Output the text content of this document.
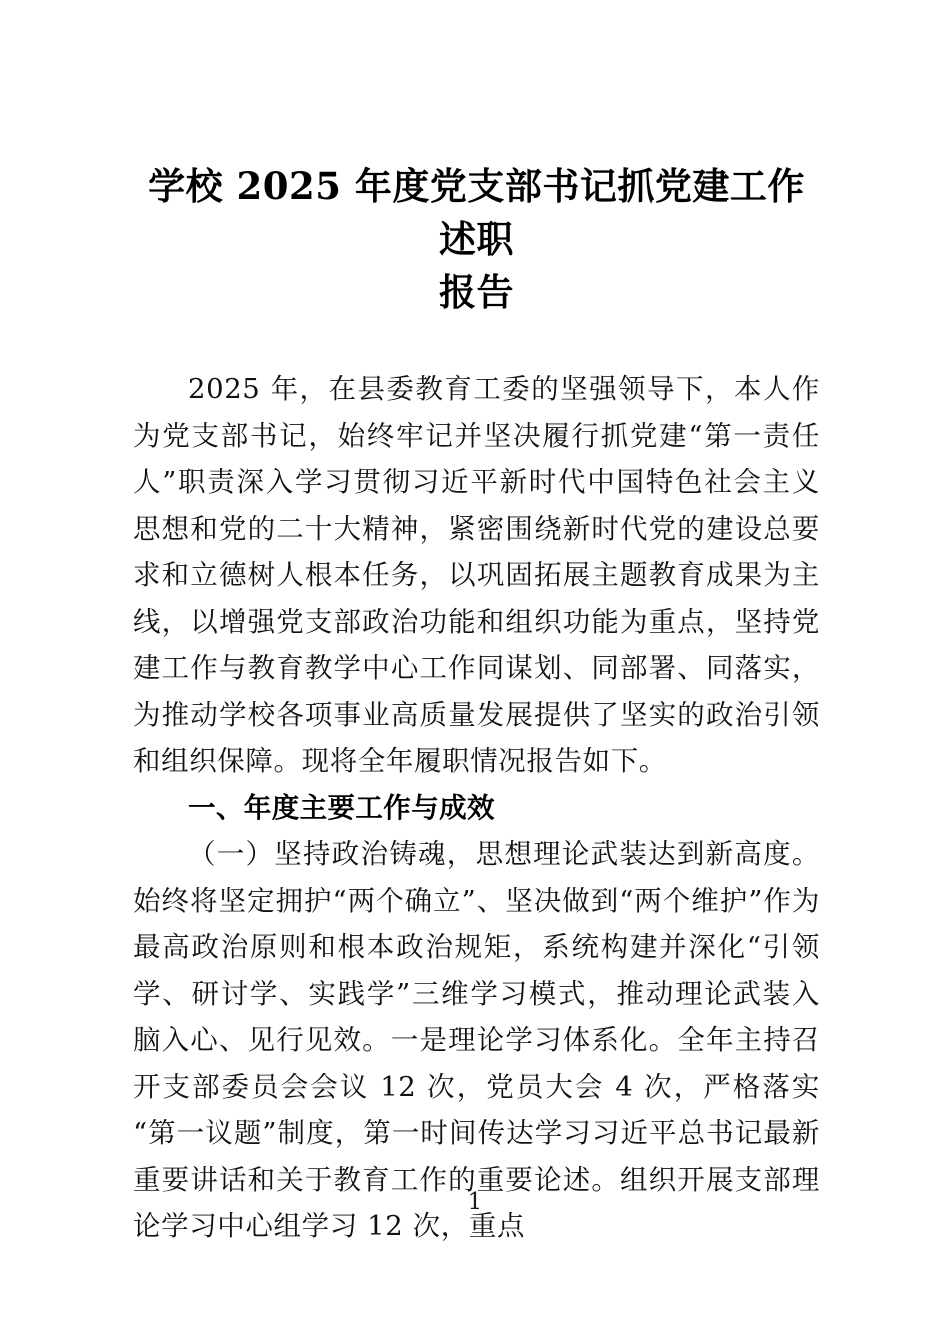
学校 2025 年度党支部书记抓党建工作述职
报告

2025 年，在县委教育工委的坚强领导下，本人作为党支部书记，始终牢记并坚决履行抓党建“第一责任人”职责深入学习贯彻习近平新时代中国特色社会主义思想和党的二十大精神，紧密围绕新时代党的建设总要求和立德树人根本任务，以巩固拓展主题教育成果为主线，以增强党支部政治功能和组织功能为重点，坚持党建工作与教育教学中心工作同谋划、同部署、同落实，为推动学校各项事业高质量发展提供了坚实的政治引领和组织保障。现将全年履职情况报告如下。

一、年度主要工作与成效

（一）坚持政治铸魂，思想理论武装达到新高度。始终将坚定拥护“两个确立”、坚决做到“两个维护”作为最高政治原则和根本政治规矩，系统构建并深化“引领学、研讨学、实践学”三维学习模式，推动理论武装入脑入心、见行见效。一是理论学习体系化。全年主持召开支部委员会会议 12 次，党员大会 4 次，严格落实“第一议题”制度，第一时间传达学习习近平总书记最新重要讲话和关于教育工作的重要论述。组织开展支部理论学习中心组学习 12 次，重点

1
